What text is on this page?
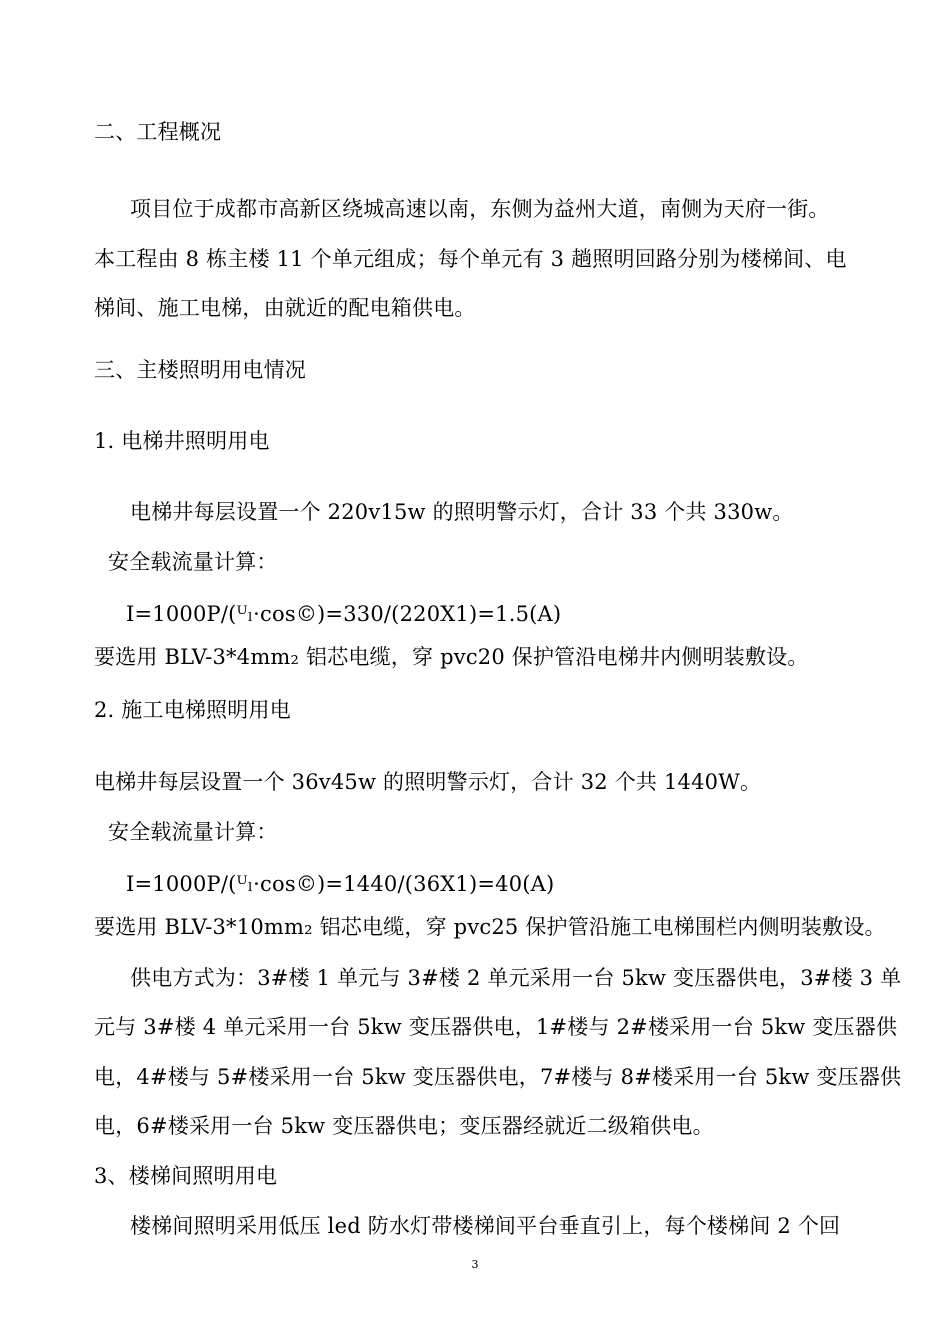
二、工程概况
项目位于成都市高新区绕城高速以南，东侧为益州大道，南侧为天府一街。
本工程由 8 栋主楼 11 个单元组成；每个单元有 3 趟照明回路分别为楼梯间、电
梯间、施工电梯，由就近的配电箱供电。
三、主楼照明用电情况
1. 电梯井照明用电
电梯井每层设置一个 220v15w 的照明警示灯，合计 33 个共 330w。
安全载流量计算：
I=1000P/(ᵁₗ·cos©)=330/(220X1)=1.5(A)
要选用 BLV-3*4mm₂ 铝芯电缆，穿 pvc20 保护管沿电梯井内侧明装敷设。
2. 施工电梯照明用电
电梯井每层设置一个 36v45w 的照明警示灯，合计 32 个共 1440W。
安全载流量计算：
I=1000P/(ᵁₗ·cos©)=1440/(36X1)=40(A)
要选用 BLV-3*10mm₂ 铝芯电缆，穿 pvc25 保护管沿施工电梯围栏内侧明装敷设。
供电方式为：3#楼 1 单元与 3#楼 2 单元采用一台 5kw 变压器供电，3#楼 3 单
元与 3#楼 4 单元采用一台 5kw 变压器供电，1#楼与 2#楼采用一台 5kw 变压器供
电，4#楼与 5#楼采用一台 5kw 变压器供电，7#楼与 8#楼采用一台 5kw 变压器供
电，6#楼采用一台 5kw 变压器供电；变压器经就近二级箱供电。
3、楼梯间照明用电
楼梯间照明采用低压 led 防水灯带楼梯间平台垂直引上，每个楼梯间 2 个回
3
